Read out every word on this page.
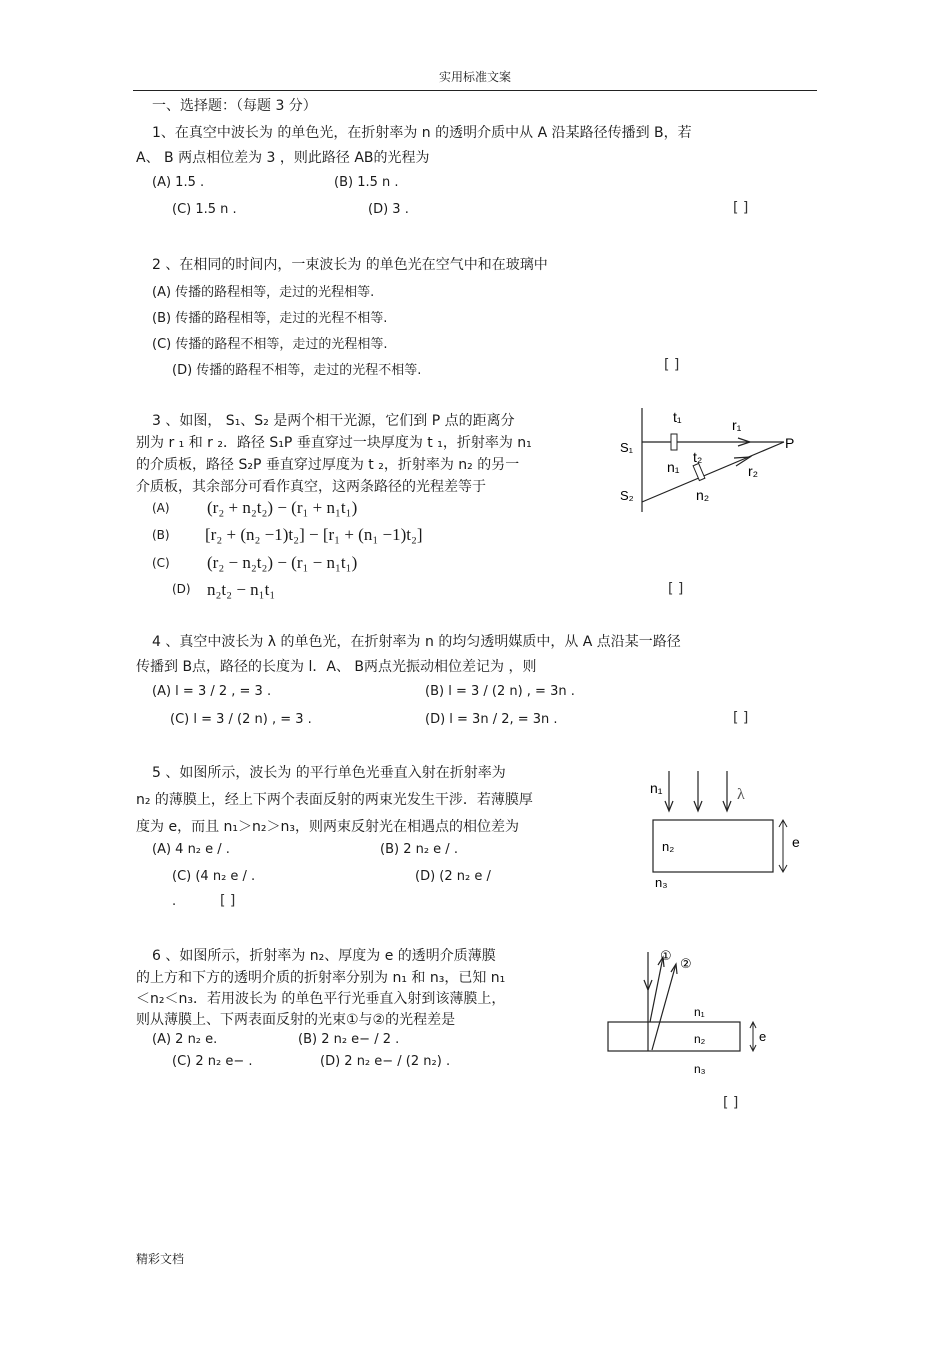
实用标准文案
一、选择题：（每题 3 分）
1、在真空中波长为 的单色光，在折射率为 n 的透明介质中从 A 沿某路径传播到 B，若
A、 B 两点相位差为 3 ，则此路径 AB的光程为
(A) 1.5 .	(B) 1.5 n .
(C) 1.5 n .	(D) 3 .	[ ]
2 、在相同的时间内，一束波长为 的单色光在空气中和在玻璃中
(A) 传播的路程相等，走过的光程相等.
(B) 传播的路程相等，走过的光程不相等.
(C) 传播的路程不相等，走过的光程相等.
(D) 传播的路程不相等，走过的光程不相等.	[ ]
3 、如图， S₁、S₂ 是两个相干光源，它们到 P 点的距离分
别为 r ₁ 和 r ₂．路径 S₁P 垂直穿过一块厚度为 t ₁，折射率为 n₁
的介质板，路径 S₂P 垂直穿过厚度为 t ₂，折射率为 n₂ 的另一
介质板，其余部分可看作真空，这两条路径的光程差等于
(A) (r₂ + n₂t₂) − (r₁ + n₁t₁)
(B) [r₂ + (n₂ −1)t₂] − [r₁ + (n₁ −1)t₂]
(C) (r₂ − n₂t₂) − (r₁ − n₁t₁)
(D) n₂t₂ − n₁t₁	[ ]
t₁	r₁
S₁	P
n₁
t₂
r₂
S₂	n₂
4 、真空中波长为 λ 的单色光，在折射率为 n 的均匀透明媒质中，从 A 点沿某一路径
传播到 B点，路径的长度为 l．A、 B两点光振动相位差记为 ，则
(A) l = 3 / 2 , = 3 .	(B) l = 3 / (2 n) , = 3n .
(C) l = 3 / (2 n) , = 3 .	(D) l = 3n / 2, = 3n .	[ ]
5 、如图所示，波长为 的平行单色光垂直入射在折射率为
n₂ 的薄膜上，经上下两个表面反射的两束光发生干涉．若薄膜厚
度为 e，而且 n₁＞n₂＞n₃，则两束反射光在相遇点的相位差为
(A) 4 n₂ e / .	(B) 2 n₂ e / .
(C) (4 n₂ e / .	(D) (2 n₂ e /
.	[ ]
n₁	λ
n₂	e
n₃
6 、如图所示，折射率为 n₂、厚度为 e 的透明介质薄膜
的上方和下方的透明介质的折射率分别为 n₁ 和 n₃，已知 n₁
＜n₂＜n₃．若用波长为 的单色平行光垂直入射到该薄膜上，
则从薄膜上、下两表面反射的光束①与②的光程差是
(A) 2 n₂ e.	(B) 2 n₂ e− / 2 .
(C) 2 n₂ e− .	(D) 2 n₂ e− / (2 n₂) .
[ ]
①
②
n₁
n₂	e
n₃
精彩文档
